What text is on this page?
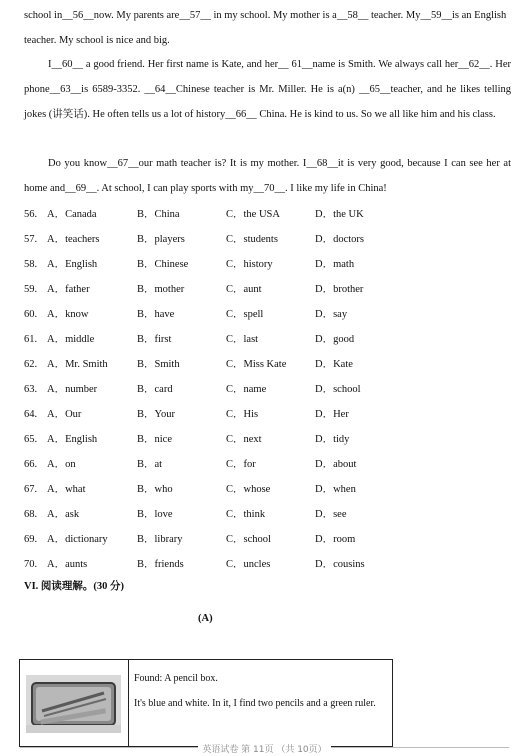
school in__56__now. My parents are__57__ in my school. My mother is a__58__ teacher. My__59__is an English teacher. My school is nice and big.
I__60__ a good friend. Her first name is Kate, and her__ 61__name is Smith. We always call her__62__. Her phone__63__is 6589-3352. __64__Chinese teacher is Mr. Miller. He is a(n) __65__teacher, and he likes telling jokes (讲笑话). He often tells us a lot of history__66__ China. He is kind to us. So we all like him and his class.
Do you know__67__our math teacher is? It is my mother. I__68__it is very good, because I can see her at home and__69__. At school, I can play sports with my__70__. I like my life in China!
56. A．Canada	B．China	C．the USA	D．the UK
57. A．teachers	B．players	C．students	D．doctors
58. A．English	B．Chinese	C．history	D．math
59. A．father	B．mother	C．aunt	D．brother
60. A．know	B．have	C．spell	D．say
61. A．middle	B．first	C．last	D．good
62. A．Mr. Smith	B．Smith	C．Miss Kate	D．Kate
63. A．number	B．card	C．name	D．school
64. A．Our	B．Your	C．His	D．Her
65. A．English	B．nice	C．next	D．tidy
66. A．on	B．at	C．for	D．about
67. A．what	B．who	C．whose	D．when
68. A．ask	B．love	C．think	D．see
69. A．dictionary	B．library	C．school	D．room
70. A．aunts	B．friends	C．uncles	D．cousins
VI. 阅读理解。(30 分)
(A)
Found: A pencil box.
It's blue and white. In it, I find two pencils and a green ruler.
英语试卷 第 11页 （共 10页）
